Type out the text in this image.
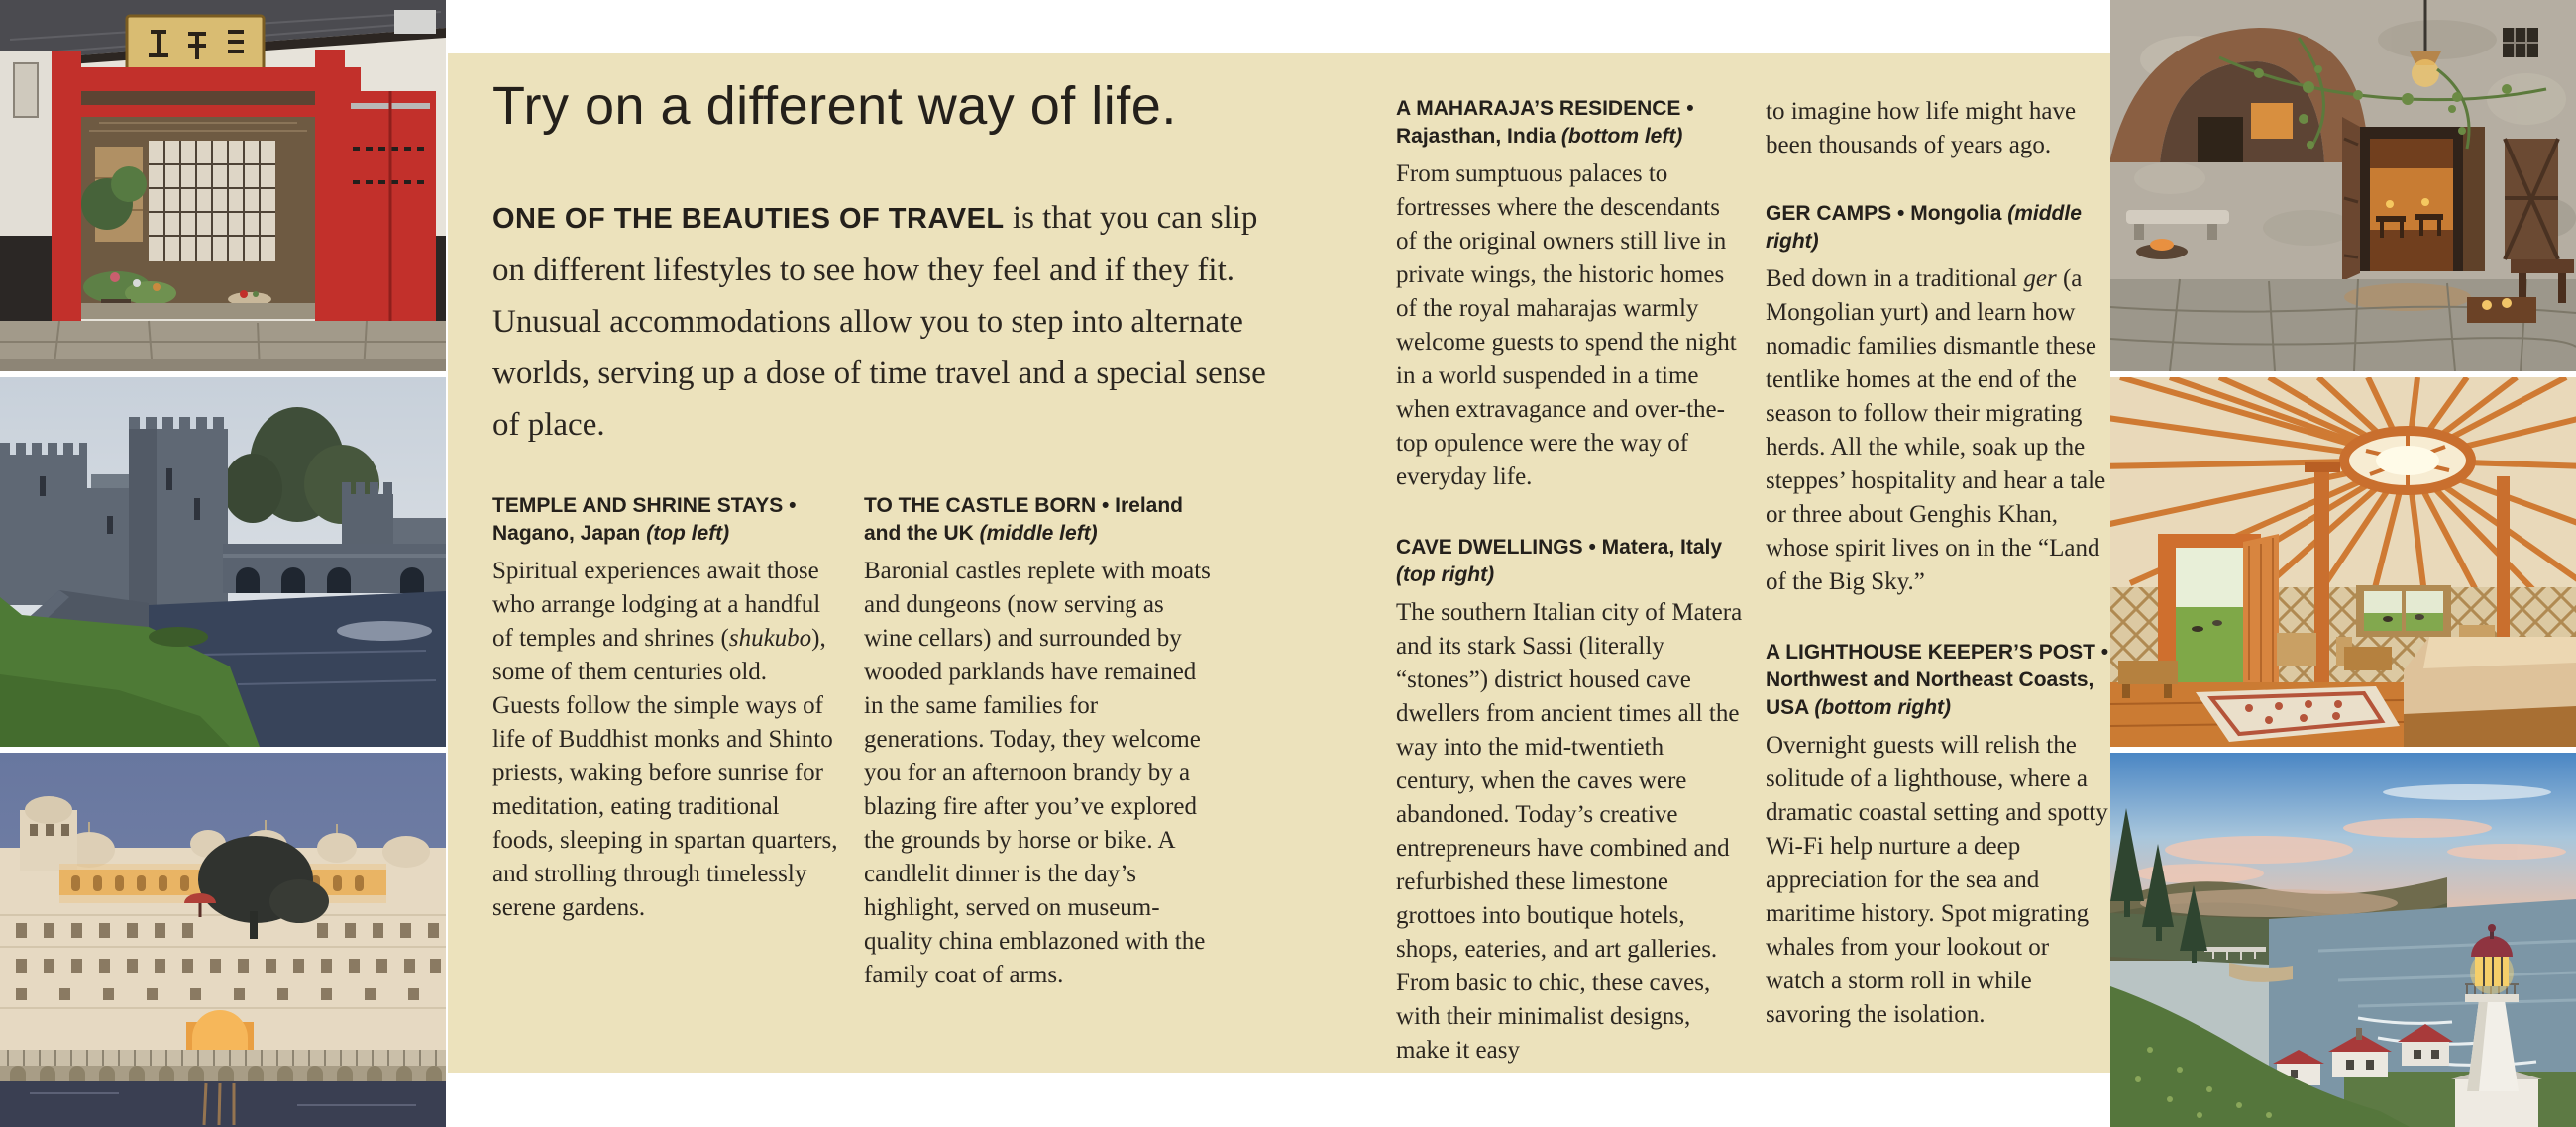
Try on a different way of life.

ONE OF THE BEAUTIES OF TRAVEL is that you can slip on different lifestyles to see how they feel and if they fit. Unusual accommodations allow you to step into alternate worlds, serving up a dose of time travel and a special sense of place.

TEMPLE AND SHRINE STAYS • Nagano, Japan (top left)

Spiritual experiences await those who arrange lodging at a handful of temples and shrines (shukubo), some of them centuries old. Guests follow the simple ways of life of Buddhist monks and Shinto priests, waking before sunrise for meditation, eating traditional foods, sleeping in spartan quarters, and strolling through timelessly serene gardens.

TO THE CASTLE BORN • Ireland and the UK (middle left)

Baronial castles replete with moats and dungeons (now serving as wine cellars) and surrounded by wooded parklands have remained in the same families for generations. Today, they welcome you for an afternoon brandy by a blazing fire after you’ve explored the grounds by horse or bike. A candlelit dinner is the day’s highlight, served on museum-quality china emblazoned with the family coat of arms.

A MAHARAJA’S RESIDENCE • Rajasthan, India (bottom left)

From sumptuous palaces to fortresses where the descendants of the original owners still live in private wings, the historic homes of the royal maharajas warmly welcome guests to spend the night in a world suspended in a time when extravagance and over-the-top opulence were the way of everyday life.

CAVE DWELLINGS • Matera, Italy (top right)

The southern Italian city of Matera and its stark Sassi (literally “stones”) district housed cave dwellers from ancient times all the way into the mid-twentieth century, when the caves were abandoned. Today’s creative entrepreneurs have combined and refurbished these limestone grottoes into boutique hotels, shops, eateries, and art galleries. From basic to chic, these caves, with their minimalist designs, make it easy

to imagine how life might have been thousands of years ago.

GER CAMPS • Mongolia (middle right)

Bed down in a traditional ger (a Mongolian yurt) and learn how nomadic families dismantle these tentlike homes at the end of the season to follow their migrating herds. All the while, soak up the steppes’ hospitality and hear a tale or three about Genghis Khan, whose spirit lives on in the “Land of the Big Sky.”

A LIGHTHOUSE KEEPER’S POST • Northwest and Northeast Coasts, USA (bottom right)

Overnight guests will relish the solitude of a lighthouse, where a dramatic coastal setting and spotty Wi-Fi help nurture a deep appreciation for the sea and maritime history. Spot migrating whales from your lookout or watch a storm roll in while savoring the isolation.
